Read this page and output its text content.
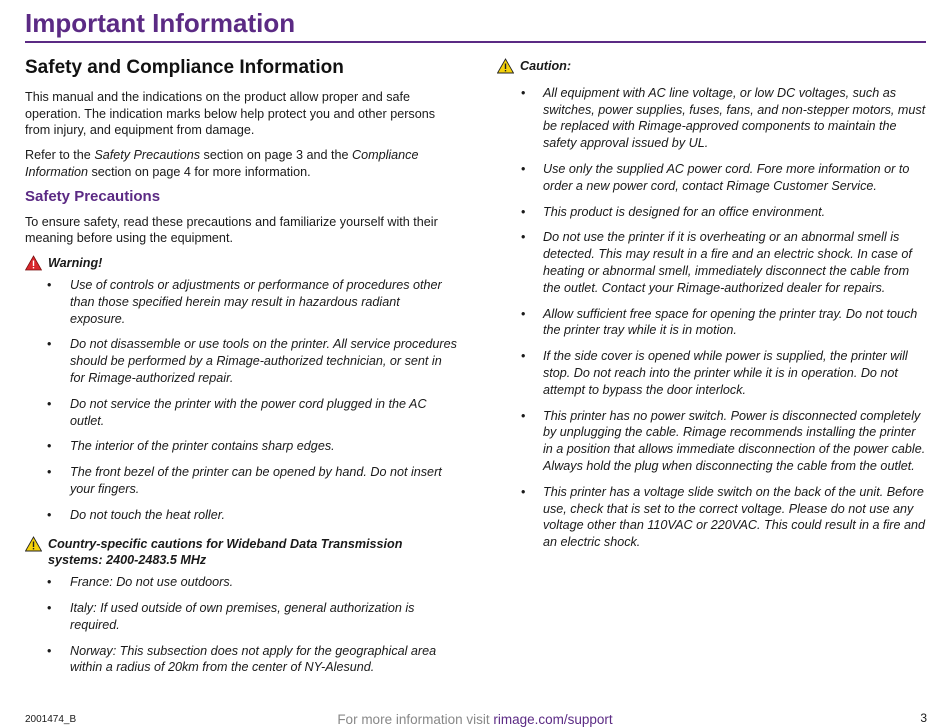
Important Information
Safety and Compliance Information

This manual and the indications on the product allow proper and safe operation. The indication marks below help protect you and other persons from injury, and equipment from damage.

Refer to the Safety Precautions section on page 3 and the Compliance Information section on page 4 for more information.

Safety Precautions

To ensure safety, read these precautions and familiarize yourself with their meaning before using the equipment.

Warning!
• Use of controls or adjustments or performance of procedures other than those specified herein may result in hazardous radiant exposure.
• Do not disassemble or use tools on the printer. All service procedures should be performed by a Rimage-authorized technician, or sent in for Rimage-authorized repair.
• Do not service the printer with the power cord plugged in the AC outlet.
• The interior of the printer contains sharp edges.
• The front bezel of the printer can be opened by hand. Do not insert your fingers.
• Do not touch the heat roller.
Country-specific cautions for Wideband Data Transmission systems: 2400-2483.5 MHz
• France: Do not use outdoors.
• Italy: If used outside of own premises, general authorization is required.
• Norway: This subsection does not apply for the geographical area within a radius of 20km from the center of NY-Alesund.
Caution:
• All equipment with AC line voltage, or low DC voltages, such as switches, power supplies, fuses, fans, and non-stepper motors, must be replaced with Rimage-approved components to maintain the safety approval issued by UL.
• Use only the supplied AC power cord. Fore more information or to order a new power cord, contact Rimage Customer Service.
• This product is designed for an office environment.
• Do not use the printer if it is overheating or an abnormal smell is detected. This may result in a fire and an electric shock. In case of heating or abnormal smell, immediately disconnect the cable from the outlet. Contact your Rimage-authorized dealer for repairs.
• Allow sufficient free space for opening the printer tray. Do not touch the printer tray while it is in motion.
• If the side cover is opened while power is supplied, the printer will stop. Do not reach into the printer while it is in operation. Do not attempt to bypass the door interlock.
• This printer has no power switch. Power is disconnected completely by unplugging the cable. Rimage recommends installing the printer in a position that allows immediate disconnection of the power cable. Always hold the plug when disconnecting the cable from the outlet.
• This printer has a voltage slide switch on the back of the unit. Before use, check that is set to the correct voltage. Please do not use any voltage other than 110VAC or 220VAC. This could result in a fire and an electric shock.
2001474_B	For more information visit rimage.com/support	3
